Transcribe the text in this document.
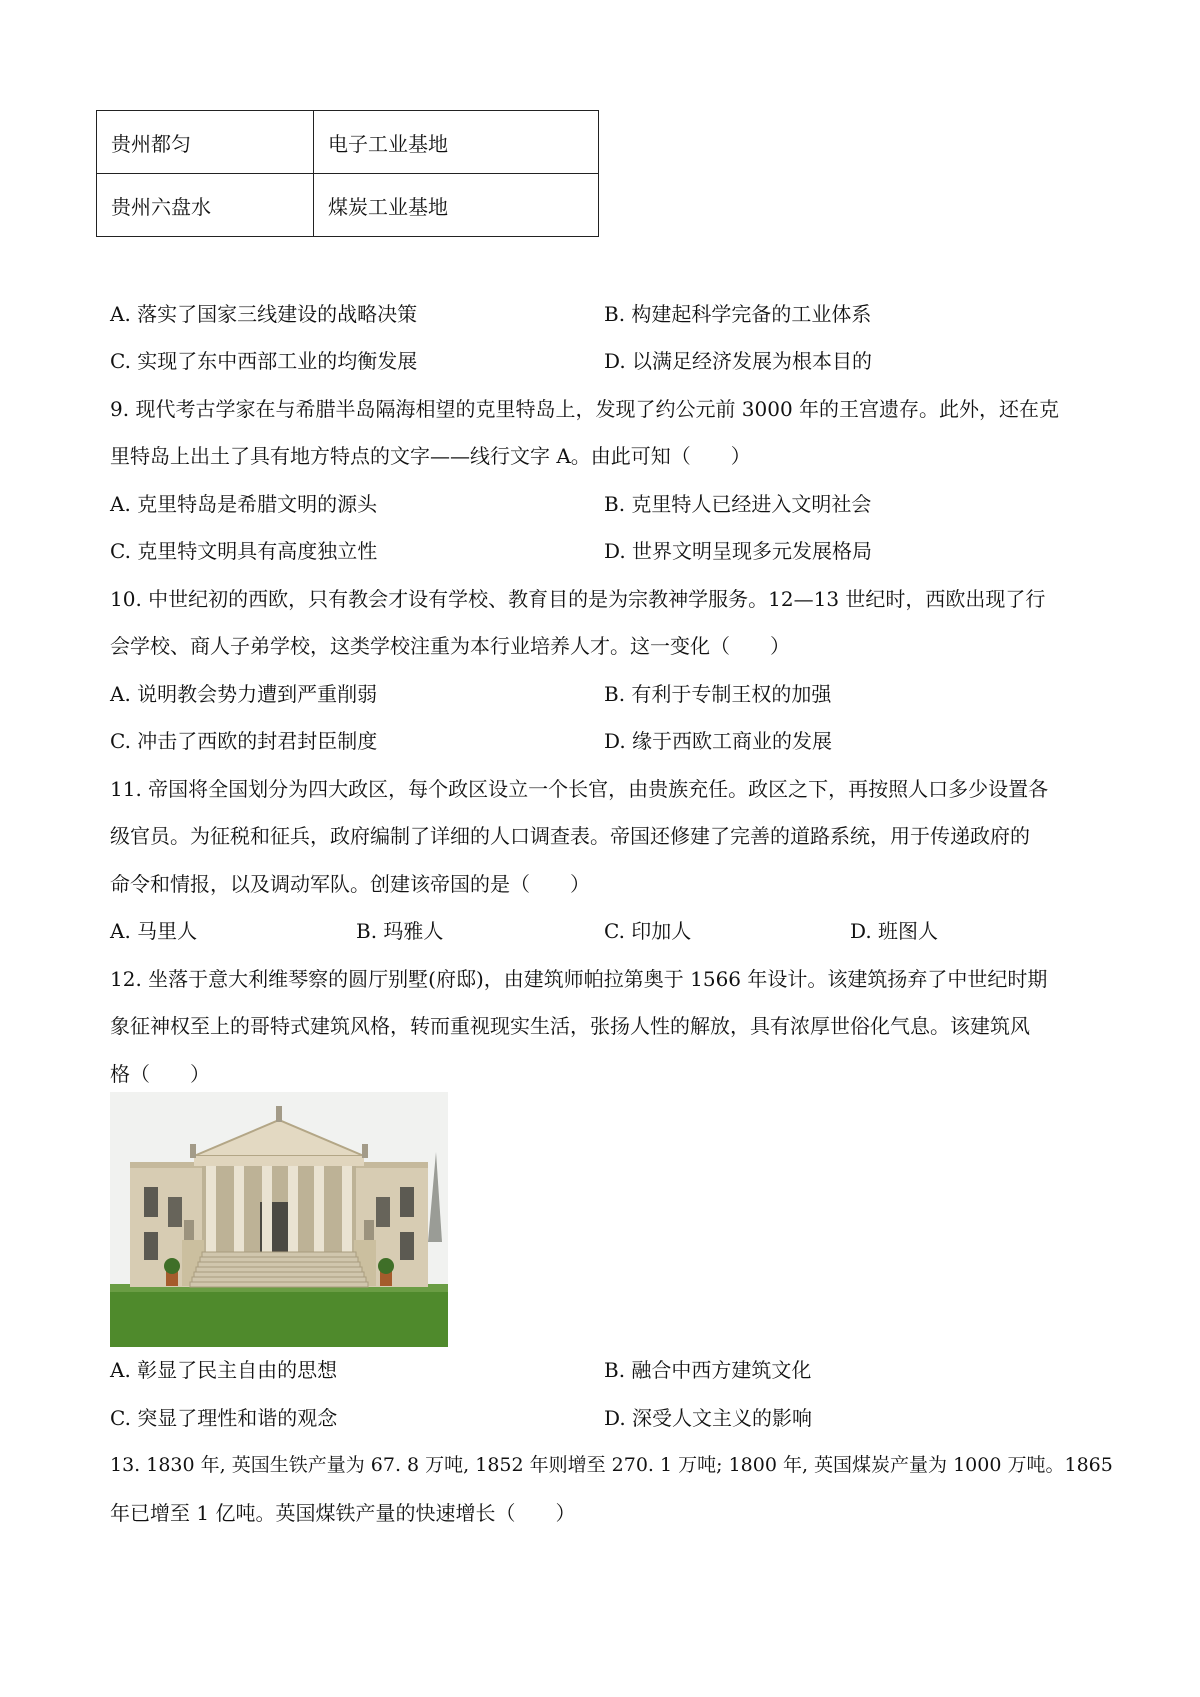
贵州都匀	电子工业基地
贵州六盘水	煤炭工业基地
A. 落实了国家三线建设的战略决策	B. 构建起科学完备的工业体系
C. 实现了东中西部工业的均衡发展	D. 以满足经济发展为根本目的
9. 现代考古学家在与希腊半岛隔海相望的克里特岛上，发现了约公元前 3000 年的王宫遗存。此外，还在克
里特岛上出土了具有地方特点的文字——线行文字 A。由此可知（　　）
A. 克里特岛是希腊文明的源头	B. 克里特人已经进入文明社会
C. 克里特文明具有高度独立性	D. 世界文明呈现多元发展格局
10. 中世纪初的西欧，只有教会才设有学校、教育目的是为宗教神学服务。12—13 世纪时，西欧出现了行
会学校、商人子弟学校，这类学校注重为本行业培养人才。这一变化（　　）
A. 说明教会势力遭到严重削弱	B. 有利于专制王权的加强
C. 冲击了西欧的封君封臣制度	D. 缘于西欧工商业的发展
11. 帝国将全国划分为四大政区，每个政区设立一个长官，由贵族充任。政区之下，再按照人口多少设置各
级官员。为征税和征兵，政府编制了详细的人口调查表。帝国还修建了完善的道路系统，用于传递政府的
命令和情报，以及调动军队。创建该帝国的是（　　）
A. 马里人	B. 玛雅人	C. 印加人	D. 班图人
12. 坐落于意大利维琴察的圆厅别墅(府邸)，由建筑师帕拉第奥于 1566 年设计。该建筑扬弃了中世纪时期
象征神权至上的哥特式建筑风格，转而重视现实生活，张扬人性的解放，具有浓厚世俗化气息。该建筑风
格（　　）
A. 彰显了民主自由的思想	B. 融合中西方建筑文化
C. 突显了理性和谐的观念	D. 深受人文主义的影响
13. 1830 年, 英国生铁产量为 67. 8 万吨, 1852 年则增至 270. 1 万吨; 1800 年, 英国煤炭产量为 1000 万吨。1865
年已增至 1 亿吨。英国煤铁产量的快速增长（　　）
